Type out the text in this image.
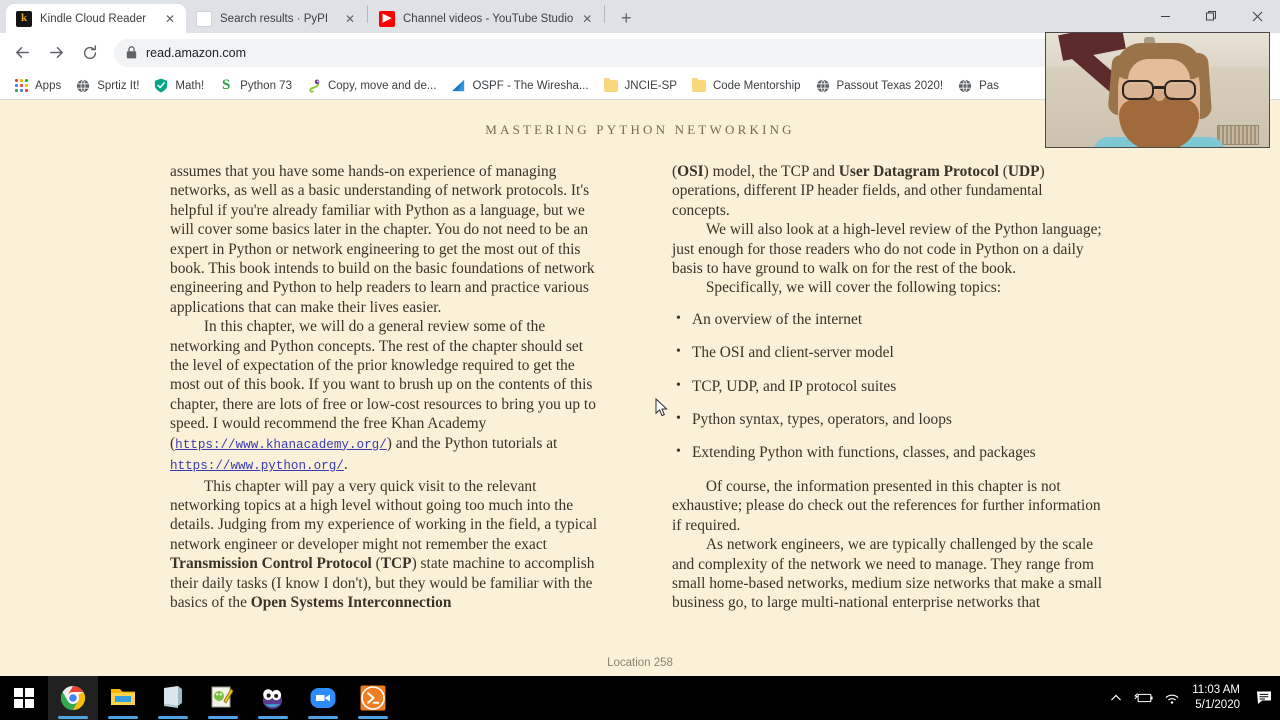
k	Kindle Cloud Reader	✕	Search results · PyPI	✕	▶	Channel videos - YouTube Studio ✕	+
read.amazon.com
Apps	Sprtiz It!	Math! S Python 73	Copy, move and de...	OSPF - The Wiresha...	JNCIE-SP	Code Mentorship	Passout Texas 2020!	Pas
MASTERING PYTHON NETWORKING

assumes that you have some hands-on experience of managing networks, as well as a basic understanding of network protocols. It's helpful if you're already familiar with Python as a language, but we will cover some basics later in the chapter. You do not need to be an expert in Python or network engineering to get the most out of this book. This book intends to build on the basic foundations of network engineering and Python to help readers to learn and practice various applications that can make their lives easier.

In this chapter, we will do a general review some of the networking and Python concepts. The rest of the chapter should set the level of expectation of the prior knowledge required to get the most out of this book. If you want to brush up on the contents of this chapter, there are lots of free or low-cost resources to bring you up to speed. I would recommend the free Khan Academy (https://www.khanacademy.org/) and the Python tutorials at https://www.python.org/.

This chapter will pay a very quick visit to the relevant networking topics at a high level without going too much into the details. Judging from my experience of working in the field, a typical network engineer or developer might not remember the exact Transmission Control Protocol (TCP) state machine to accomplish their daily tasks (I know I don't), but they would be familiar with the basics of the Open Systems Interconnection

(OSI) model, the TCP and User Datagram Protocol (UDP) operations, different IP header fields, and other fundamental concepts.

We will also look at a high-level review of the Python language; just enough for those readers who do not code in Python on a daily basis to have ground to walk on for the rest of the book.

Specifically, we will cover the following topics:

• An overview of the internet
• The OSI and client-server model
• TCP, UDP, and IP protocol suites
• Python syntax, types, operators, and loops
• Extending Python with functions, classes, and packages

Of course, the information presented in this chapter is not exhaustive; please do check out the references for further information if required.

As network engineers, we are typically challenged by the scale and complexity of the network we need to manage. They range from small home-based networks, medium size networks that make a small business go, to large multi-national enterprise networks that

Location 258
11:03 AM
5/1/2020
